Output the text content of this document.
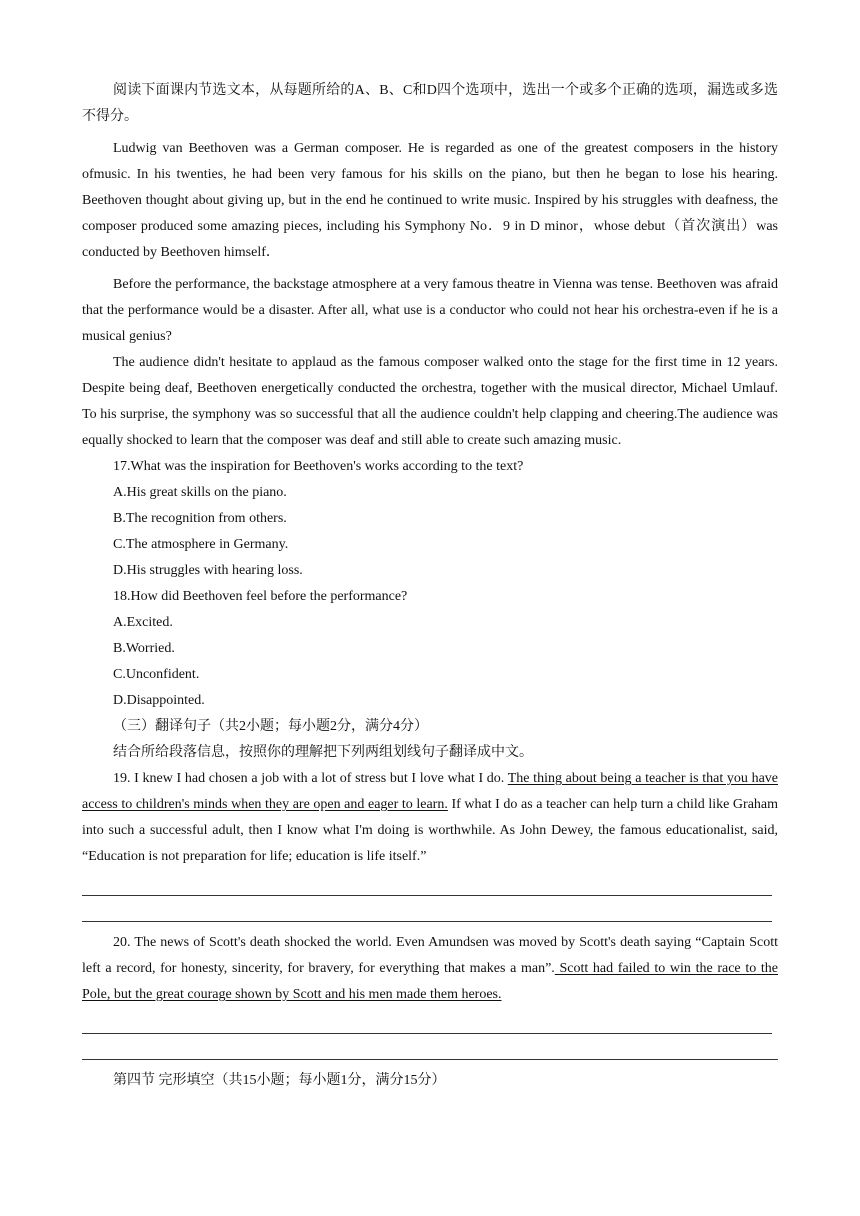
阅读下面课内节选文本，从每题所给的A、B、C和D四个选项中，选出一个或多个正确的选项，漏选或多选不得分。

Ludwig van Beethoven was a German composer. He is regarded as one of the greatest composers in the history ofmusic. In his twenties, he had been very famous for his skills on the piano, but then he began to lose his hearing. Beethoven thought about giving up, but in the end he continued to write music. Inspired by his struggles with deafness, the composer produced some amazing pieces, including his Symphony No．9 in D minor，whose debut（首次演出）was conducted by Beethoven himself．

Before the performance, the backstage atmosphere at a very famous theatre in Vienna was tense. Beethoven was afraid that the performance would be a disaster. After all, what use is a conductor who could not hear his orchestra-even if he is a musical genius?

The audience didn't hesitate to applaud as the famous composer walked onto the stage for the first time in 12 years. Despite being deaf, Beethoven energetically conducted the orchestra, together with the musical director, Michael Umlauf. To his surprise, the symphony was so successful that all the audience couldn't help clapping and cheering.The audience was equally shocked to learn that the composer was deaf and still able to create such amazing music.

17.What was the inspiration for Beethoven's works according to the text?

A.His great skills on the piano.

B.The recognition from others.

C.The atmosphere in Germany.

D.His struggles with hearing loss.

18.How did Beethoven feel before the performance?

A.Excited.

B.Worried.

C.Unconfident.

D.Disappointed.

（三）翻译句子（共2小题；每小题2分，满分4分）

结合所给段落信息，按照你的理解把下列两组划线句子翻译成中文。

19. I knew I had chosen a job with a lot of stress but I love what I do. The thing about being a teacher is that you have access to children's minds when they are open and eager to learn. If what I do as a teacher can help turn a child like Graham into such a successful adult, then I know what I'm doing is worthwhile. As John Dewey, the famous educationalist, said, “Education is not preparation for life; education is life itself.”

20. The news of Scott's death shocked the world. Even Amundsen was moved by Scott's death saying “Captain Scott left a record, for honesty, sincerity, for bravery, for everything that makes a man”. Scott had failed to win the race to the Pole, but the great courage shown by Scott and his men made them heroes.

第四节 完形填空（共15小题；每小题1分，满分15分）
